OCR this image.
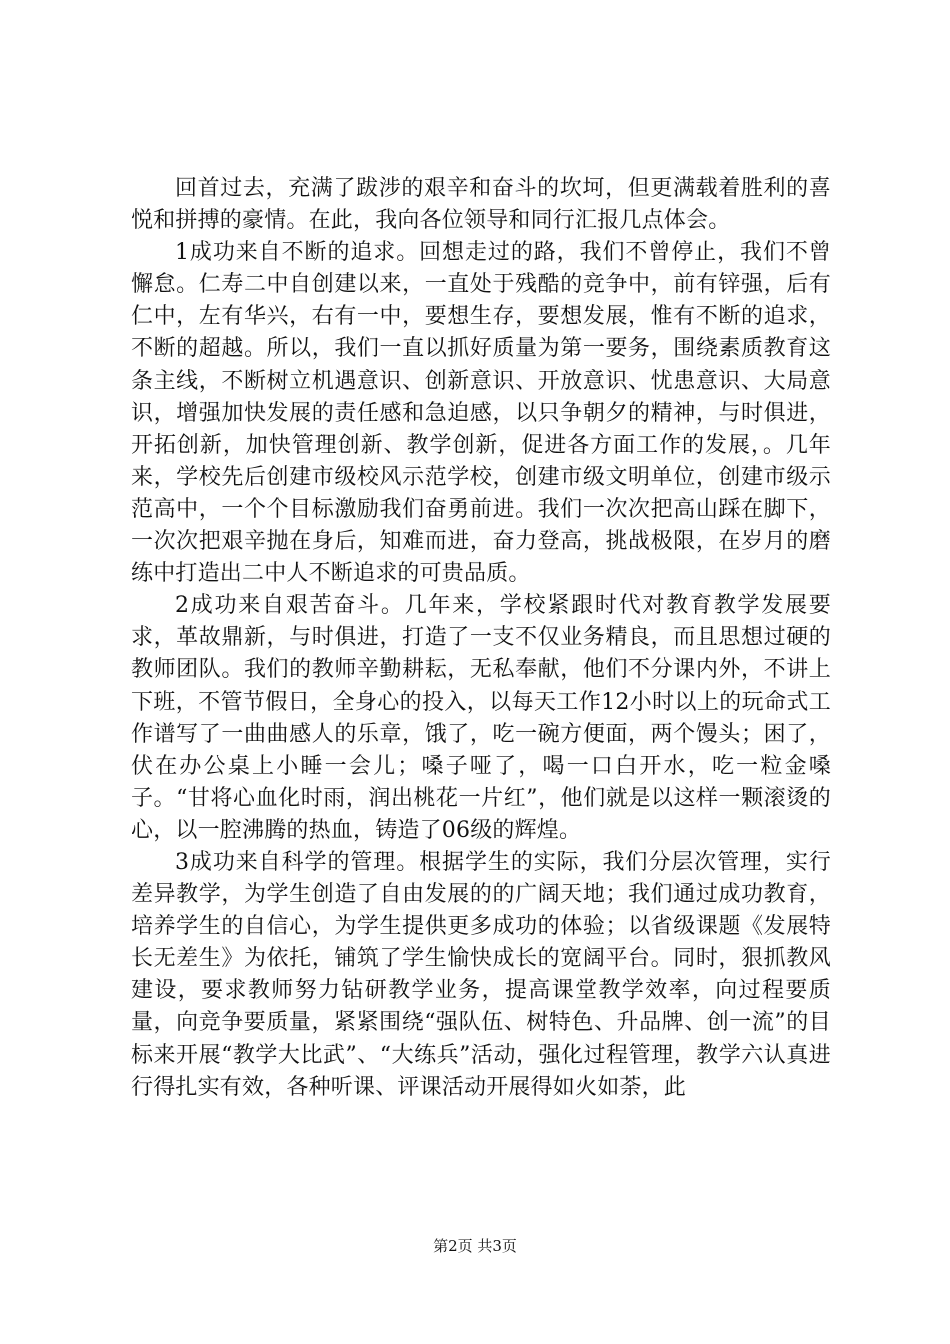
回首过去，充满了跋涉的艰辛和奋斗的坎坷，但更满载着胜利的喜悦和拼搏的豪情。在此，我向各位领导和同行汇报几点体会。

1成功来自不断的追求。回想走过的路，我们不曾停止，我们不曾懈怠。仁寿二中自创建以来，一直处于残酷的竞争中，前有锌强，后有仁中，左有华兴，右有一中，要想生存，要想发展，惟有不断的追求，不断的超越。所以，我们一直以抓好质量为第一要务，围绕素质教育这条主线，不断树立机遇意识、创新意识、开放意识、忧患意识、大局意识，增强加快发展的责任感和急迫感，以只争朝夕的精神，与时俱进，开拓创新，加快管理创新、教学创新，促进各方面工作的发展，。几年来，学校先后创建市级校风示范学校，创建市级文明单位，创建市级示范高中，一个个目标激励我们奋勇前进。我们一次次把高山踩在脚下，一次次把艰辛抛在身后，知难而进，奋力登高，挑战极限，在岁月的磨练中打造出二中人不断追求的可贵品质。

2成功来自艰苦奋斗。几年来，学校紧跟时代对教育教学发展要求，革故鼎新，与时俱进，打造了一支不仅业务精良，而且思想过硬的教师团队。我们的教师辛勤耕耘，无私奉献，他们不分课内外，不讲上下班，不管节假日，全身心的投入，以每天工作12小时以上的玩命式工作谱写了一曲曲感人的乐章，饿了，吃一碗方便面，两个馒头；困了，伏在办公桌上小睡一会儿；嗓子哑了，喝一口白开水，吃一粒金嗓子。“甘将心血化时雨，润出桃花一片红”，他们就是以这样一颗滚烫的心，以一腔沸腾的热血，铸造了06级的辉煌。

3成功来自科学的管理。根据学生的实际，我们分层次管理，实行差异教学，为学生创造了自由发展的的广阔天地；我们通过成功教育，培养学生的自信心，为学生提供更多成功的体验；以省级课题《发展特长无差生》为依托，铺筑了学生愉快成长的宽阔平台。同时，狠抓教风建设，要求教师努力钻研教学业务，提高课堂教学效率，向过程要质量，向竞争要质量，紧紧围绕“强队伍、树特色、升品牌、创一流”的目标来开展“教学大比武”、“大练兵”活动，强化过程管理，教学六认真进行得扎实有效，各种听课、评课活动开展得如火如荼，此

第2页 共3页
